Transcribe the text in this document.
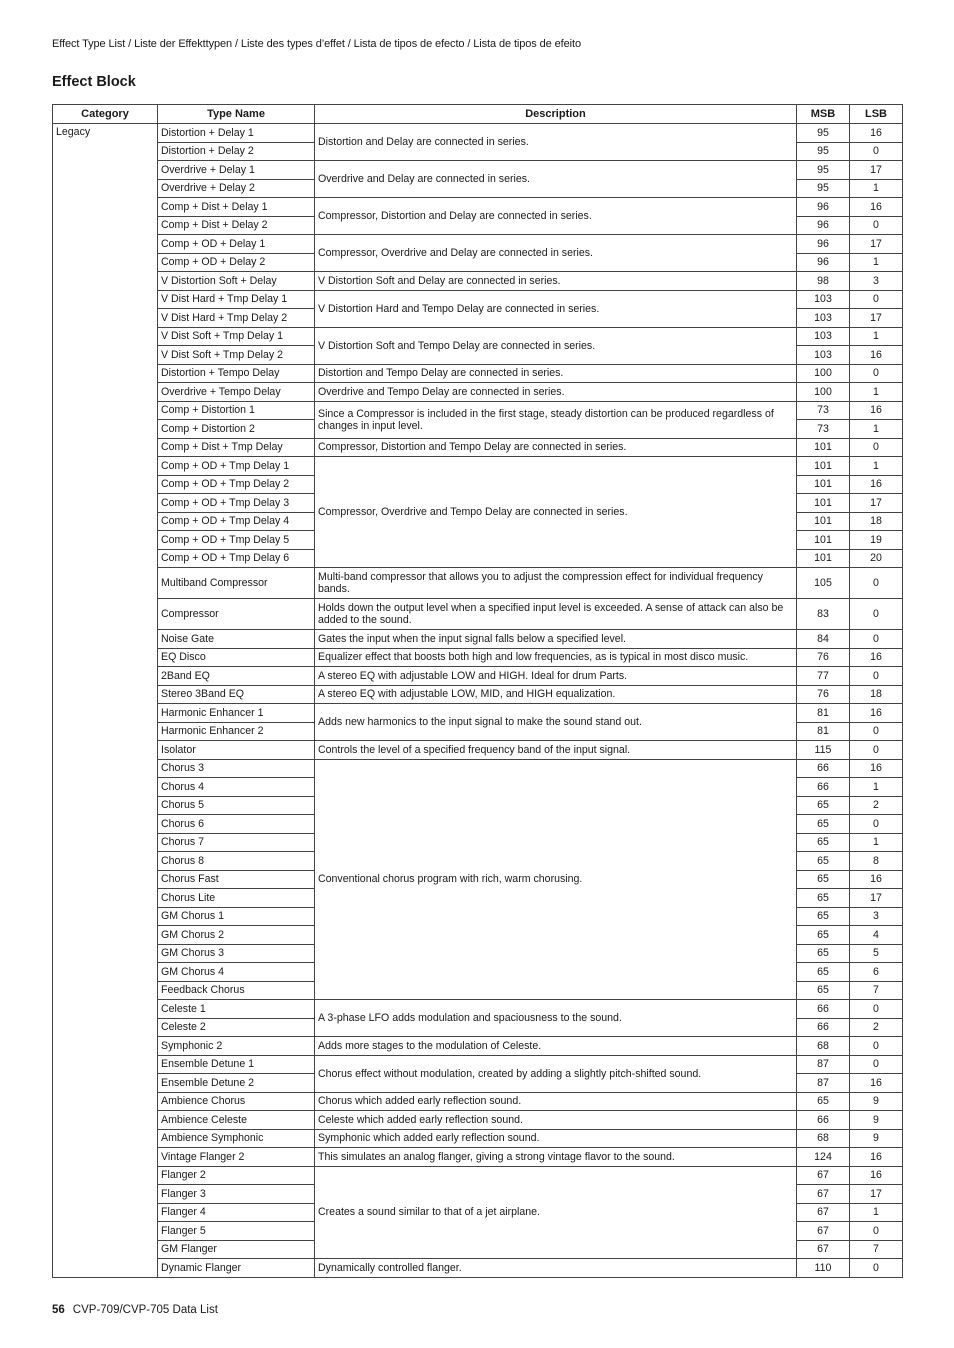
Effect Type List / Liste der Effekttypen / Liste des types d’effet / Lista de tipos de efecto / Lista de tipos de efeito
Effect Block
Category	Type Name	Description	MSB	LSB
Legacy	Distortion + Delay 1	Distortion and Delay are connected in series.	95	16
	Distortion + Delay 2		95	0
	Overdrive + Delay 1	Overdrive and Delay are connected in series.	95	17
	Overdrive + Delay 2		95	1
	Comp + Dist + Delay 1	Compressor, Distortion and Delay are connected in series.	96	16
	Comp + Dist + Delay 2		96	0
	Comp + OD + Delay 1	Compressor, Overdrive and Delay are connected in series.	96	17
	Comp + OD + Delay 2		96	1
	V Distortion Soft + Delay	V Distortion Soft and Delay are connected in series.	98	3
	V Dist Hard + Tmp Delay 1	V Distortion Hard and Tempo Delay are connected in series.	103	0
	V Dist Hard + Tmp Delay 2		103	17
	V Dist Soft + Tmp Delay 1	V Distortion Soft and Tempo Delay are connected in series.	103	1
	V Dist Soft + Tmp Delay 2		103	16
	Distortion + Tempo Delay	Distortion and Tempo Delay are connected in series.	100	0
	Overdrive + Tempo Delay	Overdrive and Tempo Delay are connected in series.	100	1
	Comp + Distortion 1	Since a Compressor is included in the first stage, steady distortion can be produced regardless of changes in input level.	73	16
	Comp + Distortion 2		73	1
	Comp + Dist + Tmp Delay	Compressor, Distortion and Tempo Delay are connected in series.	101	0
	Comp + OD + Tmp Delay 1	Compressor, Overdrive and Tempo Delay are connected in series.	101	1
	Comp + OD + Tmp Delay 2		101	16
	Comp + OD + Tmp Delay 3		101	17
	Comp + OD + Tmp Delay 4		101	18
	Comp + OD + Tmp Delay 5		101	19
	Comp + OD + Tmp Delay 6		101	20
	Multiband Compressor	Multi-band compressor that allows you to adjust the compression effect for individual frequency bands.	105	0
	Compressor	Holds down the output level when a specified input level is exceeded. A sense of attack can also be added to the sound.	83	0
	Noise Gate	Gates the input when the input signal falls below a specified level.	84	0
	EQ Disco	Equalizer effect that boosts both high and low frequencies, as is typical in most disco music.	76	16
	2Band EQ	A stereo EQ with adjustable LOW and HIGH. Ideal for drum Parts.	77	0
	Stereo 3Band EQ	A stereo EQ with adjustable LOW, MID, and HIGH equalization.	76	18
	Harmonic Enhancer 1	Adds new harmonics to the input signal to make the sound stand out.	81	16
	Harmonic Enhancer 2		81	0
	Isolator	Controls the level of a specified frequency band of the input signal.	115	0
	Chorus 3	Conventional chorus program with rich, warm chorusing.	66	16
	Chorus 4		66	1
	Chorus 5		65	2
	Chorus 6		65	0
	Chorus 7		65	1
	Chorus 8		65	8
	Chorus Fast		65	16
	Chorus Lite		65	17
	GM Chorus 1		65	3
	GM Chorus 2		65	4
	GM Chorus 3		65	5
	GM Chorus 4		65	6
	Feedback Chorus		65	7
	Celeste 1	A 3-phase LFO adds modulation and spaciousness to the sound.	66	0
	Celeste 2		66	2
	Symphonic 2	Adds more stages to the modulation of Celeste.	68	0
	Ensemble Detune 1	Chorus effect without modulation, created by adding a slightly pitch-shifted sound.	87	0
	Ensemble Detune 2		87	16
	Ambience Chorus	Chorus which added early reflection sound.	65	9
	Ambience Celeste	Celeste which added early reflection sound.	66	9
	Ambience Symphonic	Symphonic which added early reflection sound.	68	9
	Vintage Flanger 2	This simulates an analog flanger, giving a strong vintage flavor to the sound.	124	16
	Flanger 2	Creates a sound similar to that of a jet airplane.	67	16
	Flanger 3		67	17
	Flanger 4		67	1
	Flanger 5		67	0
	GM Flanger		67	7
	Dynamic Flanger	Dynamically controlled flanger.	110	0
56 CVP-709/CVP-705 Data List
